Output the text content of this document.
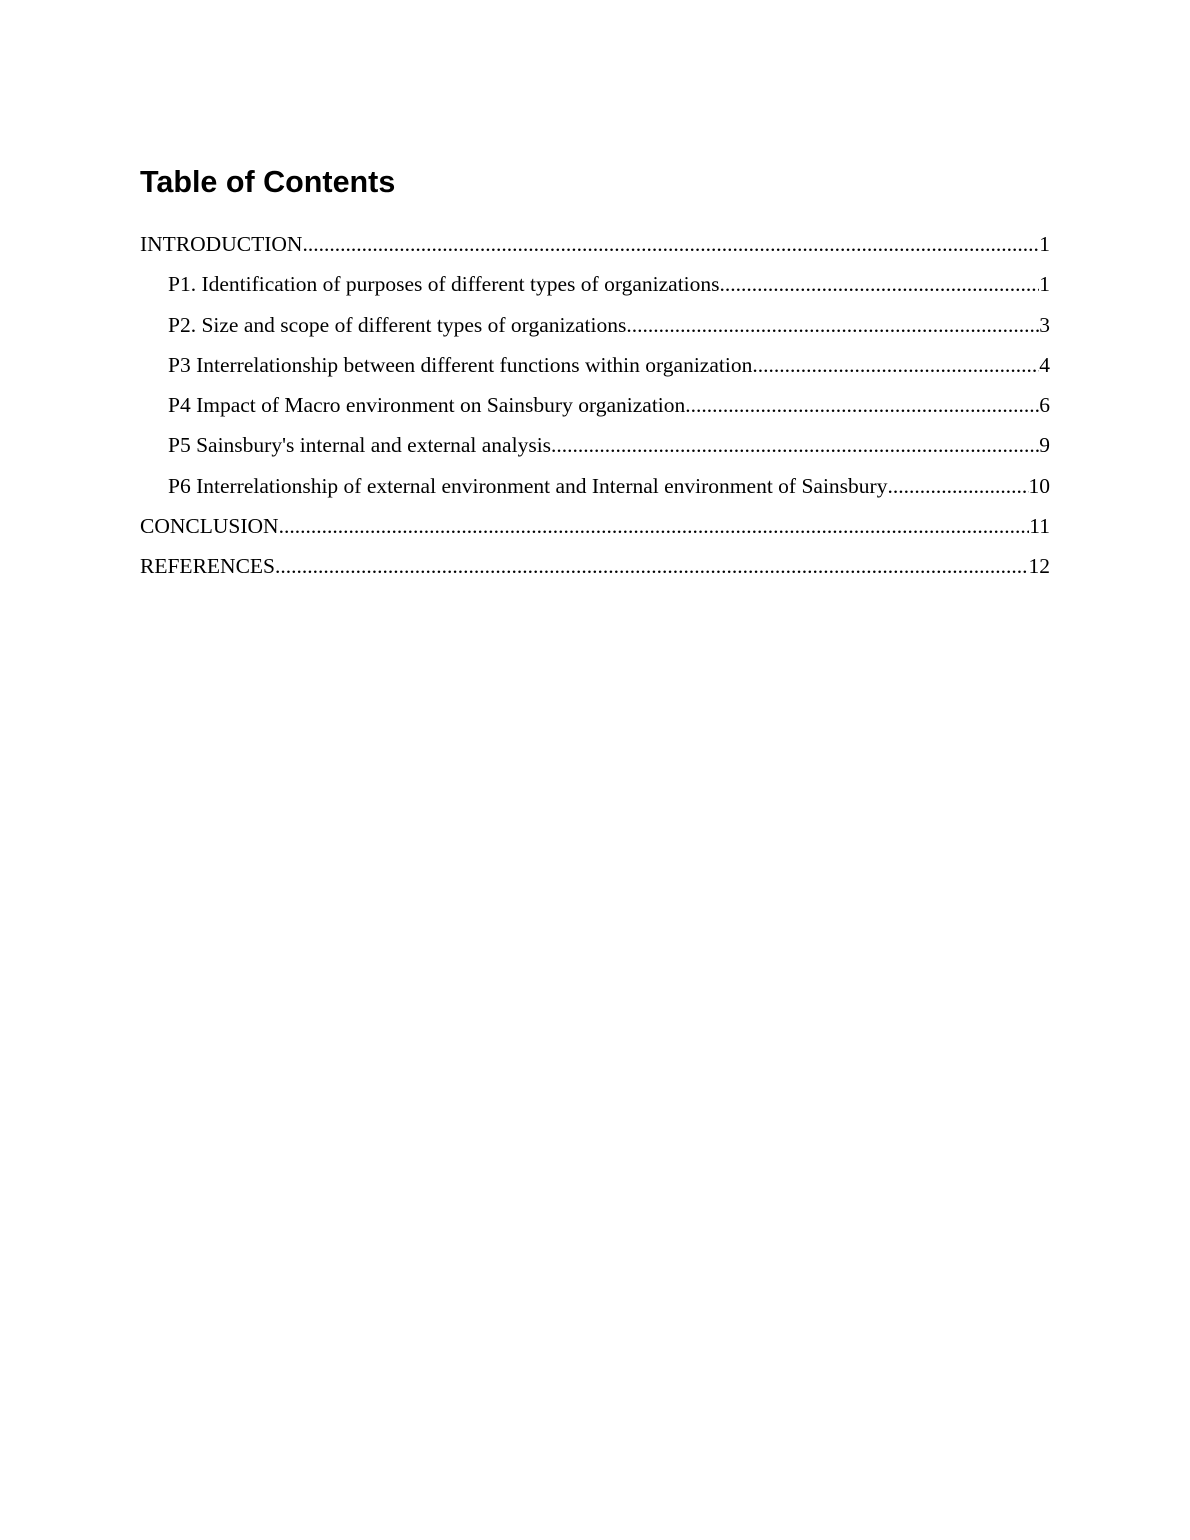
Table of Contents
INTRODUCTION .....	1
P1. Identification of purposes of different types of organizations .....	1
P2. Size and scope of different types of organizations .....	3
P3 Interrelationship between different functions within organization .....	4
P4 Impact of Macro environment on Sainsbury organization .....	6
P5 Sainsbury's internal and external analysis .....	9
P6 Interrelationship of external environment and Internal environment of Sainsbury .....	10
CONCLUSION .....	11
REFERENCES .....	12
